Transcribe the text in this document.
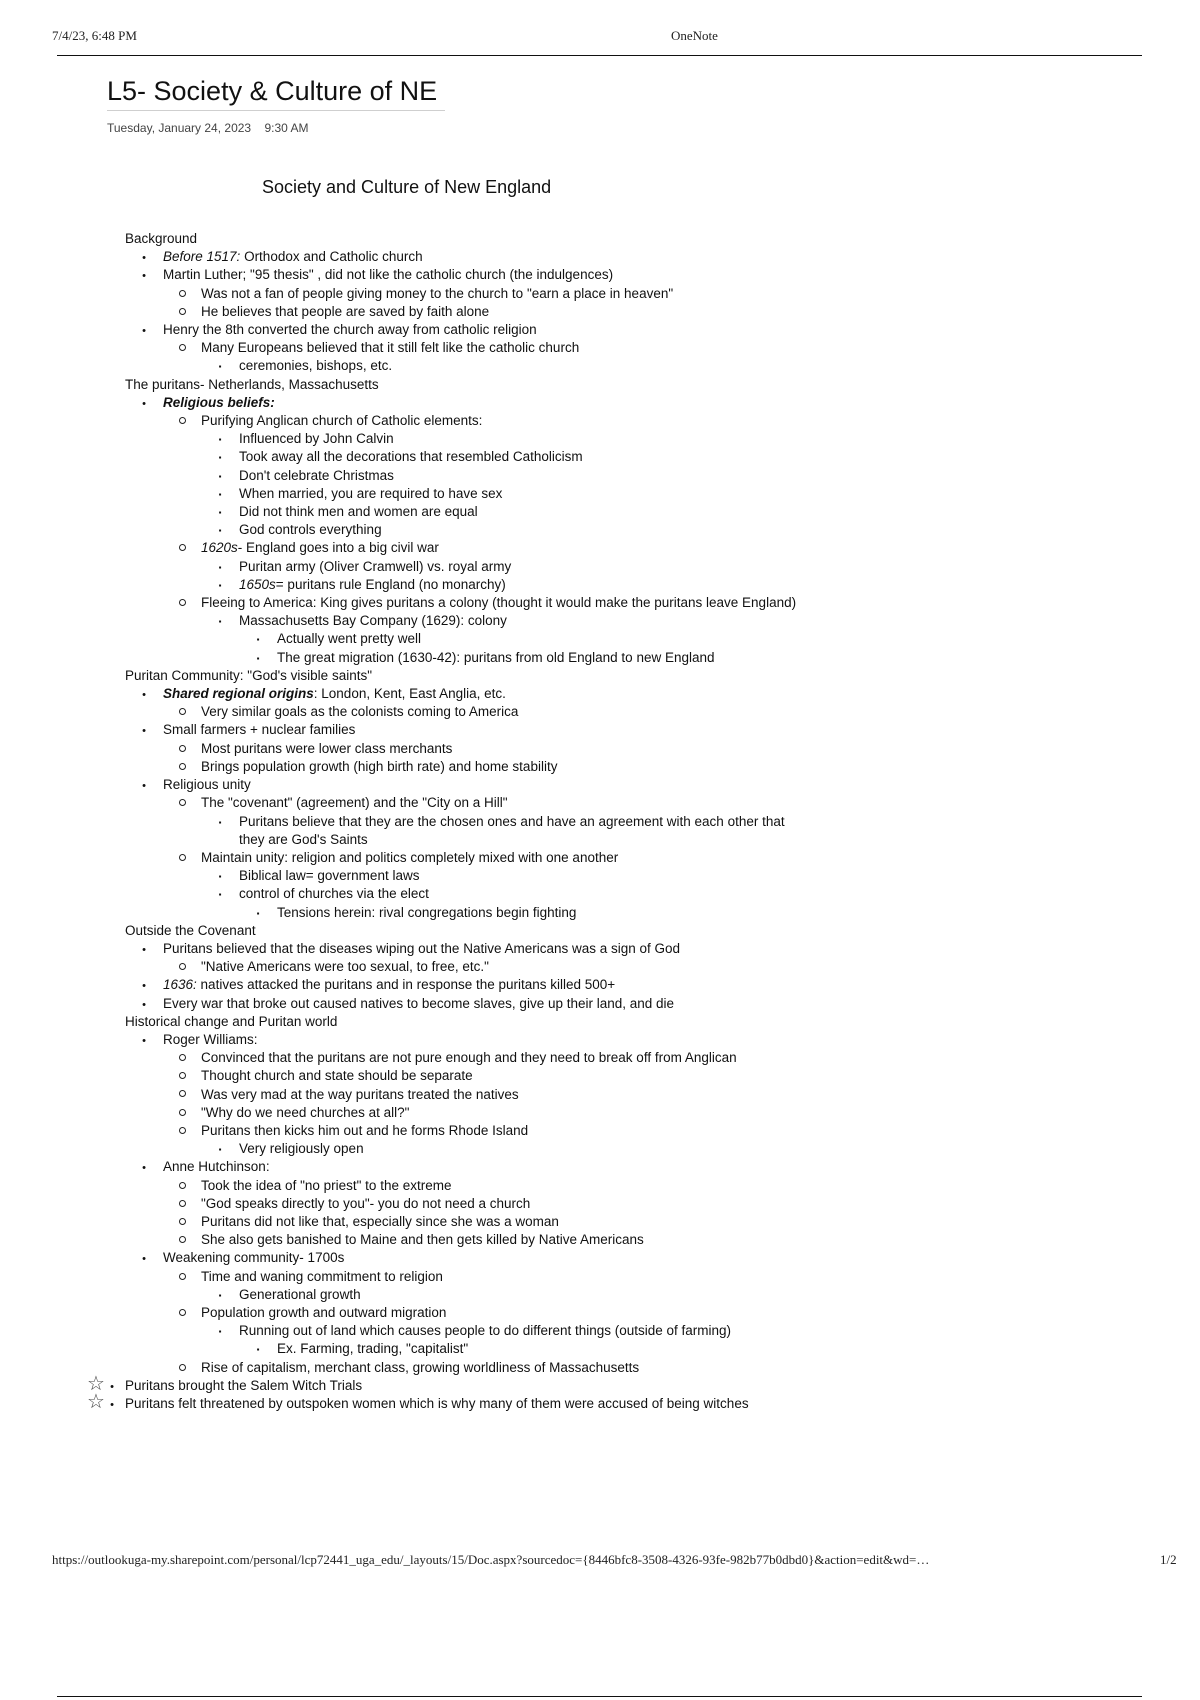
7/4/23, 6:48 PM	OneNote
L5- Society & Culture of NE
Tuesday, January 24, 2023 9:30 AM
Society and Culture of New England
Background
•
Before 1517: Orthodox and Catholic church
•
Martin Luther; "95 thesis" , did not like the catholic church (the indulgences)
Was not a fan of people giving money to the church to "earn a place in heaven"
He believes that people are saved by faith alone
•
Henry the 8th converted the church away from catholic religion
Many Europeans believed that it still felt like the catholic church
▪
ceremonies, bishops, etc.
The puritans- Netherlands, Massachusetts
•
Religious beliefs:
Purifying Anglican church of Catholic elements:
▪
Influenced by John Calvin
▪
Took away all the decorations that resembled Catholicism
▪
Don't celebrate Christmas
▪
When married, you are required to have sex
▪
Did not think men and women are equal
▪
God controls everything
1620s- England goes into a big civil war
▪
Puritan army (Oliver Cramwell) vs. royal army
▪
1650s= puritans rule England (no monarchy)
Fleeing to America: King gives puritans a colony (thought it would make the puritans leave England)
▪
Massachusetts Bay Company (1629): colony
▪
Actually went pretty well
▪
The great migration (1630-42): puritans from old England to new England
Puritan Community: "God's visible saints"
•
Shared regional origins: London, Kent, East Anglia, etc.
Very similar goals as the colonists coming to America
•
Small farmers + nuclear families
Most puritans were lower class merchants
Brings population growth (high birth rate) and home stability
•
Religious unity
The "covenant" (agreement) and the "City on a Hill"
▪
Puritans believe that they are the chosen ones and have an agreement with each other that they are God's Saints
Maintain unity: religion and politics completely mixed with one another
▪
Biblical law= government laws
▪
control of churches via the elect
▪
Tensions herein: rival congregations begin fighting
Outside the Covenant
•
Puritans believed that the diseases wiping out the Native Americans was a sign of God
"Native Americans were too sexual, to free, etc."
•
1636: natives attacked the puritans and in response the puritans killed 500+
•
Every war that broke out caused natives to become slaves, give up their land, and die
Historical change and Puritan world
•
Roger Williams:
Convinced that the puritans are not pure enough and they need to break off from Anglican
Thought church and state should be separate
Was very mad at the way puritans treated the natives
"Why do we need churches at all?"
Puritans then kicks him out and he forms Rhode Island
▪
Very religiously open
•
Anne Hutchinson:
Took the idea of "no priest" to the extreme
"God speaks directly to you"- you do not need a church
Puritans did not like that, especially since she was a woman
She also gets banished to Maine and then gets killed by Native Americans
•
Weakening community- 1700s
Time and waning commitment to religion
▪
Generational growth
Population growth and outward migration
▪
Running out of land which causes people to do different things (outside of farming)
▪
Ex. Farming, trading, "capitalist"
Rise of capitalism, merchant class, growing worldliness of Massachusetts
☆ • Puritans brought the Salem Witch Trials
☆ • Puritans felt threatened by outspoken women which is why many of them were accused of being witches
https://outlookuga-my.sharepoint.com/personal/lcp72441_uga_edu/_layouts/15/Doc.aspx?sourcedoc={8446bfc8-3508-4326-93fe-982b77b0dbd0}&action=edit&wd=…	1/2
